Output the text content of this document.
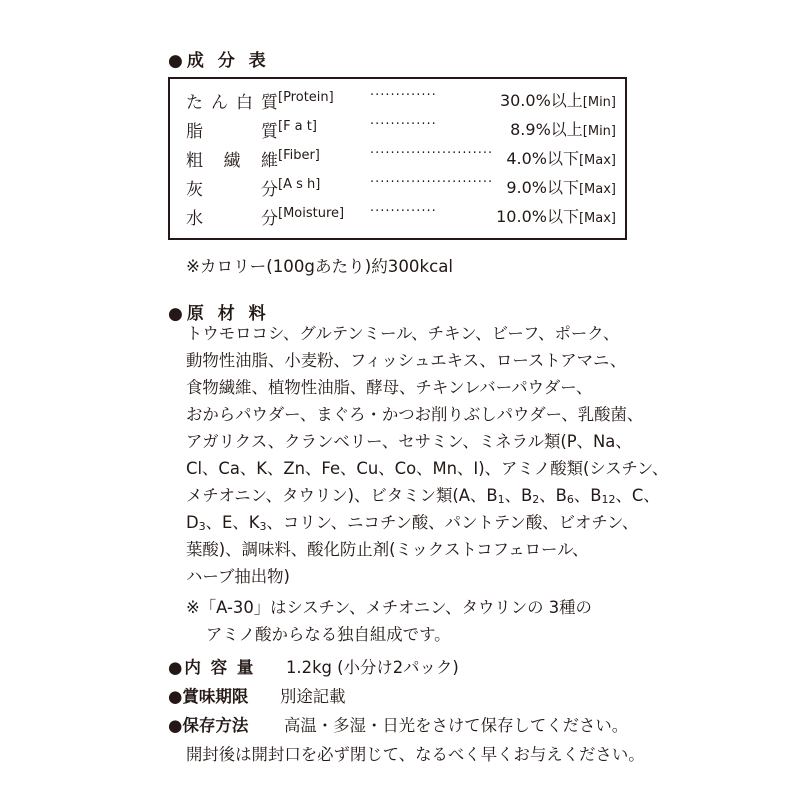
●成 分 表
た ん 白 質 [Protein]	·············	30.0%以上[Min]
脂	質 [F a t]	·············	8.9%以上[Min]
粗 繊 維 [Fiber]	························ 4.0%以下[Max]
灰	分 [A s h]	························ 9.0%以下[Max]
水	分 [Moisture]	·············	10.0%以下[Max]
※カロリー(100gあたり)約300kcal
●原 材 料
トウモロコシ、グルテンミール、チキン、ビーフ、ポーク、
動物性油脂、小麦粉、フィッシュエキス、ローストアマニ、
食物繊維、植物性油脂、酵母、チキンレバーパウダー、
おからパウダー、まぐろ・かつお削りぶしパウダー、乳酸菌、
アガリクス、クランベリー、セサミン、ミネラル類(P、Na、
Cl、Ca、K、Zn、Fe、Cu、Co、Mn、I)、アミノ酸類(シスチン、
メチオニン、タウリン)、ビタミン類(A、B1、B2、B6、B12、C、
D3、E、K3、コリン、ニコチン酸、パントテン酸、ビオチン、
葉酸)、調味料、酸化防止剤(ミックストコフェロール、
ハーブ抽出物)
※「A-30」はシスチン、メチオニン、タウリンの 3種の
アミノ酸からなる独自組成です。
●内 容 量 1.2kg (小分け2パック)
●賞味期限 別途記載
●保存方法 高温・多湿・日光をさけて保存してください。
開封後は開封口を必ず閉じて、なるべく早くお与えください。
